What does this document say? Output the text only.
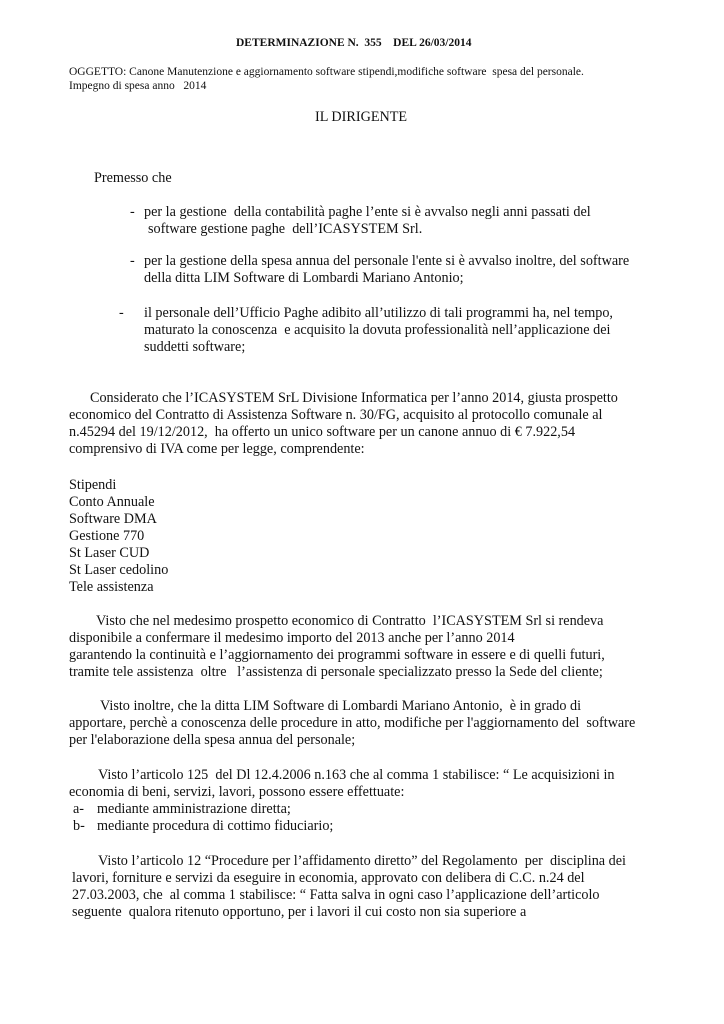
DETERMINAZIONE N.  355    DEL 26/03/2014
OGGETTO: Canone Manutenzione e aggiornamento software stipendi,modifiche software  spesa del personale.
Impegno di spesa anno   2014
IL DIRIGENTE
Premesso che
- per la gestione  della contabilità paghe l’ente si è avvalso negli anni passati del
software gestione paghe  dell’ICASYSTEM Srl.
- per la gestione della spesa annua del personale l'ente si è avvalso inoltre, del software
della ditta LIM Software di Lombardi Mariano Antonio;
- il personale dell’Ufficio Paghe adibito all’utilizzo di tali programmi ha, nel tempo,
maturato la conoscenza  e acquisito la dovuta professionalità nell’applicazione dei
suddetti software;
Considerato che l’ICASYSTEM SrL Divisione Informatica per l’anno 2014, giusta prospetto
economico del Contratto di Assistenza Software n. 30/FG, acquisito al protocollo comunale al
n.45294 del 19/12/2012,  ha offerto un unico software per un canone annuo di € 7.922,54
comprensivo di IVA come per legge, comprendente:
Stipendi
Conto Annuale
Software DMA
Gestione 770
St Laser CUD
St Laser cedolino
Tele assistenza
Visto che nel medesimo prospetto economico di Contratto  l’ICASYSTEM Srl si rendeva
disponibile a confermare il medesimo importo del 2013 anche per l’anno 2014
garantendo la continuità e l’aggiornamento dei programmi software in essere e di quelli futuri,
tramite tele assistenza  oltre   l’assistenza di personale specializzato presso la Sede del cliente;
Visto inoltre, che la ditta LIM Software di Lombardi Mariano Antonio,  è in grado di
apportare, perchè a conoscenza delle procedure in atto, modifiche per l'aggiornamento del  software
per l'elaborazione della spesa annua del personale;
Visto l’articolo 125  del Dl 12.4.2006 n.163 che al comma 1 stabilisce: “ Le acquisizioni in
economia di beni, servizi, lavori, possono essere effettuate:
a- mediante amministrazione diretta;
b- mediante procedura di cottimo fiduciario;
Visto l’articolo 12 “Procedure per l’affidamento diretto” del Regolamento  per  disciplina dei
lavori, forniture e servizi da eseguire in economia, approvato con delibera di C.C. n.24 del
27.03.2003, che  al comma 1 stabilisce: “ Fatta salva in ogni caso l’applicazione dell’articolo
seguente  qualora ritenuto opportuno, per i lavori il cui costo non sia superiore a
